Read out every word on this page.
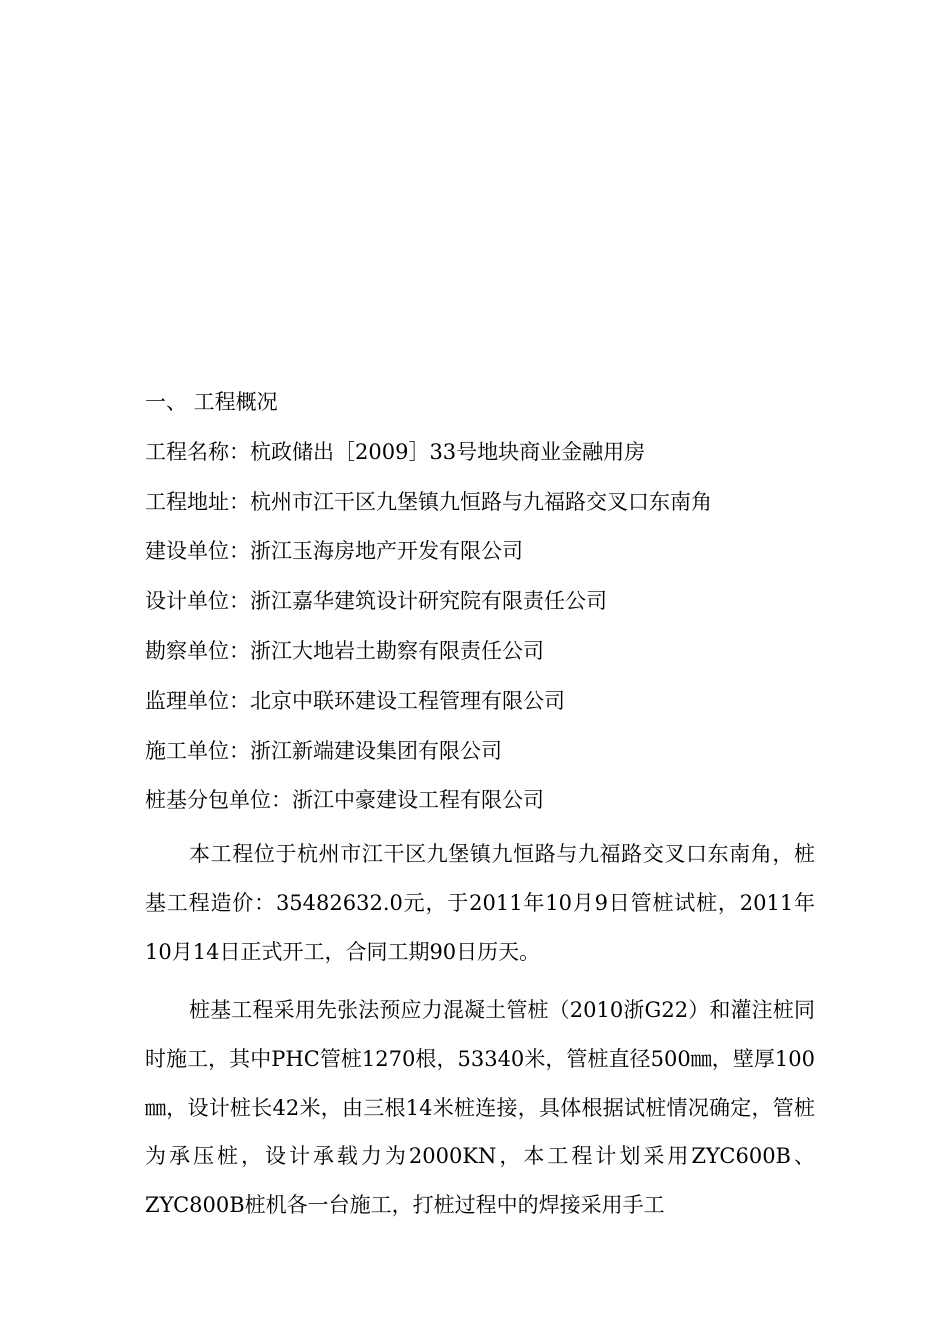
一、 工程概况
工程名称：杭政储出［2009］33号地块商业金融用房
工程地址：杭州市江干区九堡镇九恒路与九福路交叉口东南角
建设单位：浙江玉海房地产开发有限公司
设计单位：浙江嘉华建筑设计研究院有限责任公司
勘察单位：浙江大地岩土勘察有限责任公司
监理单位：北京中联环建设工程管理有限公司
施工单位：浙江新端建设集团有限公司
桩基分包单位：浙江中豪建设工程有限公司

本工程位于杭州市江干区九堡镇九恒路与九福路交叉口东南角，桩基工程造价：35482632.0元，于2011年10月9日管桩试桩，2011年10月14日正式开工，合同工期90日历天。

桩基工程采用先张法预应力混凝土管桩（2010浙G22）和灌注桩同时施工，其中PHC管桩1270根，53340米，管桩直径500㎜，壁厚100㎜，设计桩长42米，由三根14米桩连接，具体根据试桩情况确定，管桩为承压桩，设计承载力为2000KN，本工程计划采用ZYC600B、ZYC800B桩机各一台施工，打桩过程中的焊接采用手工
